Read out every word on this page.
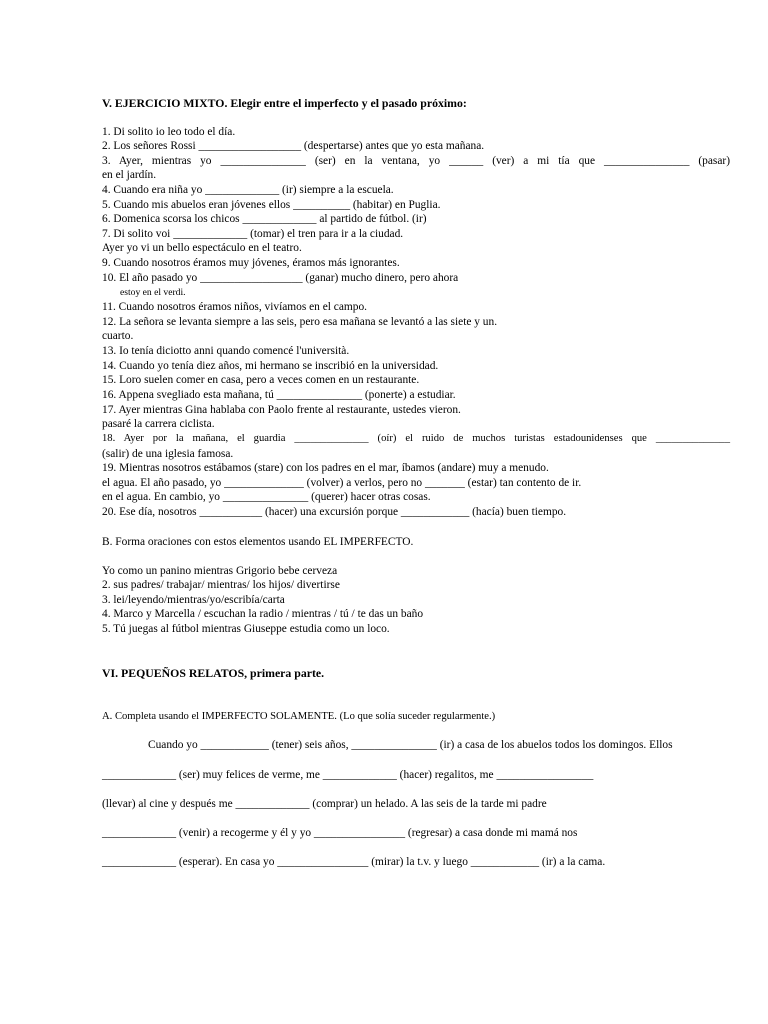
V. EJERCICIO MIXTO. Elegir entre el imperfecto y el pasado próximo:
1. Di solito io leo todo el día.
2. Los señores Rossi __________________ (despertarse) antes que yo esta mañana.
3. Ayer, mientras yo _______________ (ser) en la ventana, yo ______ (ver) a mi tía que _______________ (pasar)
en el jardín.
4. Cuando era niña yo _____________ (ir) siempre a la escuela.
5. Cuando mis abuelos eran jóvenes ellos __________ (habitar) en Puglia.
6. Domenica scorsa los chicos _____________ al partido de fútbol. (ir)
7. Di solito voi _____________ (tomar) el tren para ir a la ciudad.
Ayer yo vi un bello espectáculo en el teatro.
9. Cuando nosotros éramos muy jóvenes, éramos más ignorantes.
10. El año pasado yo __________________ (ganar) mucho dinero, pero ahora
estoy en el verdi.
11. Cuando nosotros éramos niños, vivíamos en el campo.
12. La señora se levanta siempre a las seis, pero esa mañana se levantó a las siete y un.
cuarto.
13. Io tenía diciotto anni quando comencé l'università.
14. Cuando yo tenía diez años, mi hermano se inscribió en la universidad.
15. Loro suelen comer en casa, pero a veces comen en un restaurante.
16. Appena svegliado esta mañana, tú _______________ (ponerte) a estudiar.
17. Ayer mientras Gina hablaba con Paolo frente al restaurante, ustedes vieron.
pasaré la carrera ciclista.
18. Ayer por la mañana, el guardia ______________ (oír) el ruido de muchos turistas estadounidenses que ______________
(salir) de una iglesia famosa.
19. Mientras nosotros estábamos (stare) con los padres en el mar, íbamos (andare) muy a menudo.
el agua. El año pasado, yo ______________ (volver) a verlos, pero no _______ (estar) tan contento de ir.
en el agua. En cambio, yo _______________ (querer) hacer otras cosas.
20. Ese día, nosotros ___________ (hacer) una excursión porque ____________ (hacía) buen tiempo.
B. Forma oraciones con estos elementos usando EL IMPERFECTO.
Yo como un panino mientras Grigorio bebe cerveza
2. sus padres/ trabajar/ mientras/ los hijos/ divertirse
3. lei/leyendo/mientras/yo/escribía/carta
4. Marco y Marcella / escuchan la radio / mientras / tú / te das un baño
5. Tú juegas al fútbol mientras Giuseppe estudia como un loco.
VI. PEQUEÑOS RELATOS, primera parte.
A. Completa usando el IMPERFECTO SOLAMENTE. (Lo que solía suceder regularmente.)
Cuando yo ____________ (tener) seis años, _______________ (ir) a casa de los abuelos todos los domingos. Ellos
_____________ (ser) muy felices de verme, me _____________ (hacer) regalitos, me _________________
(llevar) al cine y después me _____________ (comprar) un helado. A las seis de la tarde mi padre
_____________ (venir) a recogerme y él y yo ________________ (regresar) a casa donde mi mamá nos
_____________ (esperar). En casa yo ________________ (mirar) la t.v. y luego ____________ (ir) a la cama.
